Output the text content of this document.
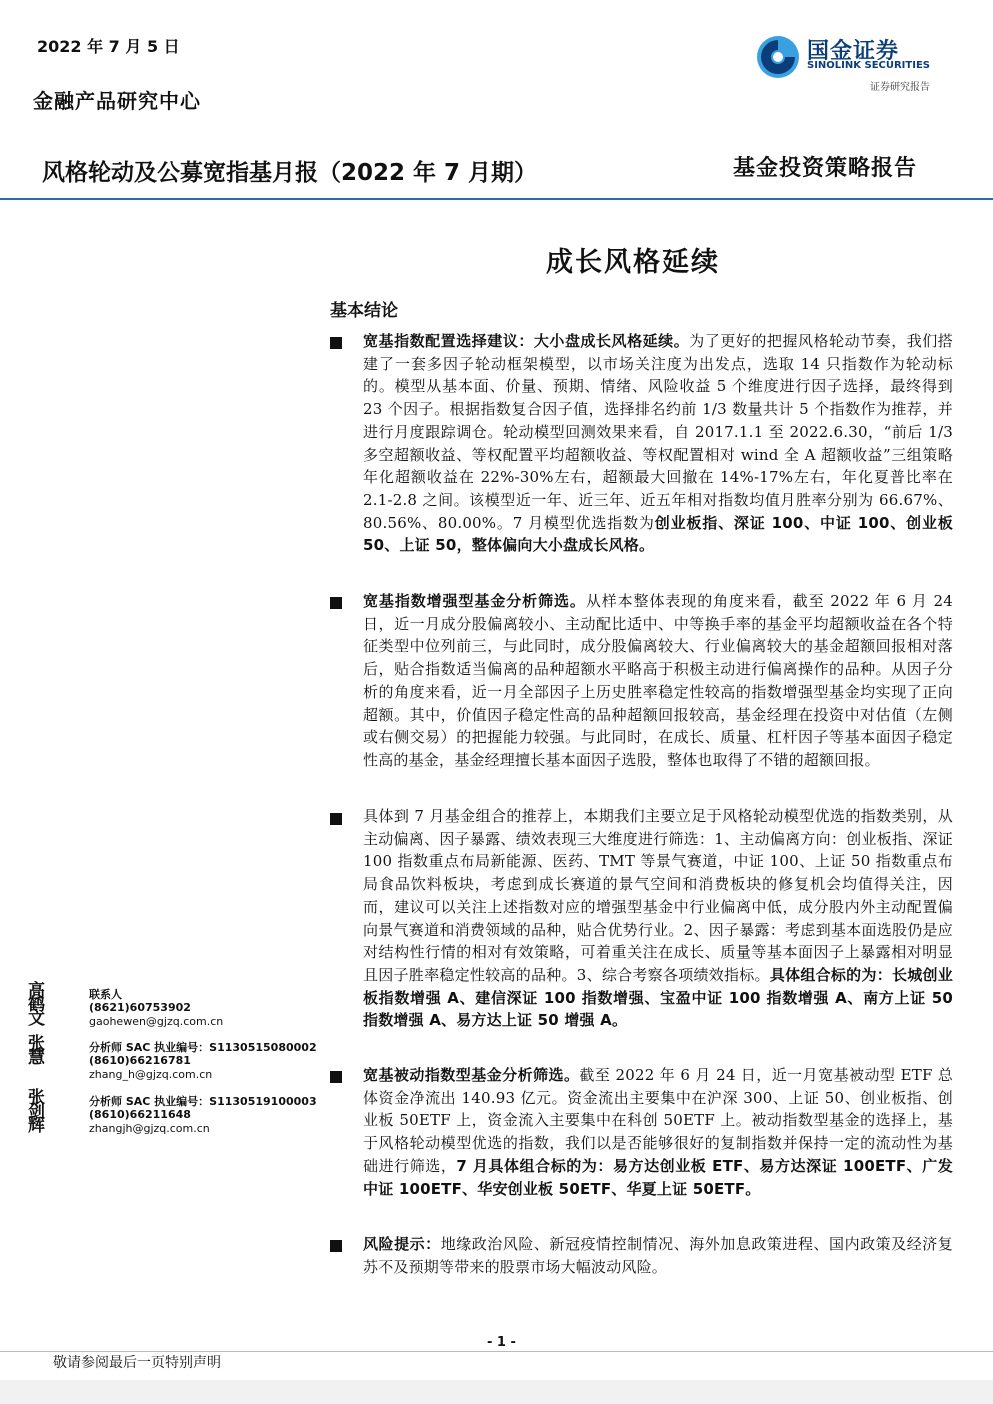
2022 年 7 月 5 日
金融产品研究中心
国金证券
SINOLINK SECURITIES
证券研究报告
风格轮动及公募宽指基月报（2022 年 7 月期）	基金投资策略报告
成长风格延续
基本结论
宽基指数配置选择建议：大小盘成长风格延续。为了更好的把握风格轮动节奏，我们搭建了一套多因子轮动框架模型，以市场关注度为出发点，选取 14 只指数作为轮动标的。模型从基本面、价量、预期、情绪、风险收益 5 个维度进行因子选择，最终得到 23 个因子。根据指数复合因子值，选择排名约前 1/3 数量共计 5 个指数作为推荐，并进行月度跟踪调仓。轮动模型回测效果来看，自 2017.1.1 至 2022.6.30，“前后 1/3 多空超额收益、等权配置平均超额收益、等权配置相对 wind 全 A 超额收益”三组策略年化超额收益在 22%-30%左右，超额最大回撤在 14%-17%左右，年化夏普比率在 2.1-2.8 之间。该模型近一年、近三年、近五年相对指数均值月胜率分别为 66.67%、80.56%、80.00%。7 月模型优选指数为创业板指、深证 100、中证 100、创业板 50、上证 50，整体偏向大小盘成长风格。
宽基指数增强型基金分析筛选。从样本整体表现的角度来看，截至 2022 年 6 月 24 日，近一月成分股偏离较小、主动配比适中、中等换手率的基金平均超额收益在各个特征类型中位列前三，与此同时，成分股偏离较大、行业偏离较大的基金超额回报相对落后，贴合指数适当偏离的品种超额水平略高于积极主动进行偏离操作的品种。从因子分析的角度来看，近一月全部因子上历史胜率稳定性较高的指数增强型基金均实现了正向超额。其中，价值因子稳定性高的品种超额回报较高，基金经理在投资中对估值（左侧或右侧交易）的把握能力较强。与此同时，在成长、质量、杠杆因子等基本面因子稳定性高的基金，基金经理擅长基本面因子选股，整体也取得了不错的超额回报。
具体到 7 月基金组合的推荐上，本期我们主要立足于风格轮动模型优选的指数类别，从主动偏离、因子暴露、绩效表现三大维度进行筛选：1、主动偏离方向：创业板指、深证 100 指数重点布局新能源、医药、TMT 等景气赛道，中证 100、上证 50 指数重点布局食品饮料板块，考虑到成长赛道的景气空间和消费板块的修复机会均值得关注，因而，建议可以关注上述指数对应的增强型基金中行业偏离中低，成分股内外主动配置偏向景气赛道和消费领域的品种，贴合优势行业。2、因子暴露：考虑到基本面选股仍是应对结构性行情的相对有效策略，可着重关注在成长、质量等基本面因子上暴露相对明显且因子胜率稳定性较高的品种。3、综合考察各项绩效指标。具体组合标的为：长城创业板指数增强 A、建信深证 100 指数增强、宝盈中证 100 指数增强 A、南方上证 50 指数增强 A、易方达上证 50 增强 A。
宽基被动指数型基金分析筛选。截至 2022 年 6 月 24 日，近一月宽基被动型 ETF 总体资金净流出 140.93 亿元。资金流出主要集中在沪深 300、上证 50、创业板指、创业板 50ETF 上，资金流入主要集中在科创 50ETF 上。被动指数型基金的选择上，基于风格轮动模型优选的指数，我们以是否能够很好的复制指数并保持一定的流动性为基础进行筛选，7 月具体组合标的为：易方达创业板 ETF、易方达深证 100ETF、广发中证 100ETF、华安创业板 50ETF、华夏上证 50ETF。
风险提示：地缘政治风险、新冠疫情控制情况、海外加息政策进程、国内政策及经济复苏不及预期等带来的股票市场大幅波动风险。
高鹤文
联系人
(8621)60753902
gaohewen@gjzq.com.cn
张慧
分析师 SAC 执业编号：S1130515080002
(8610)66216781
zhang_h@gjzq.com.cn
张剑辉
分析师 SAC 执业编号：S1130519100003
(8610)66211648
zhangjh@gjzq.com.cn
- 1 -
敬请参阅最后一页特别声明
